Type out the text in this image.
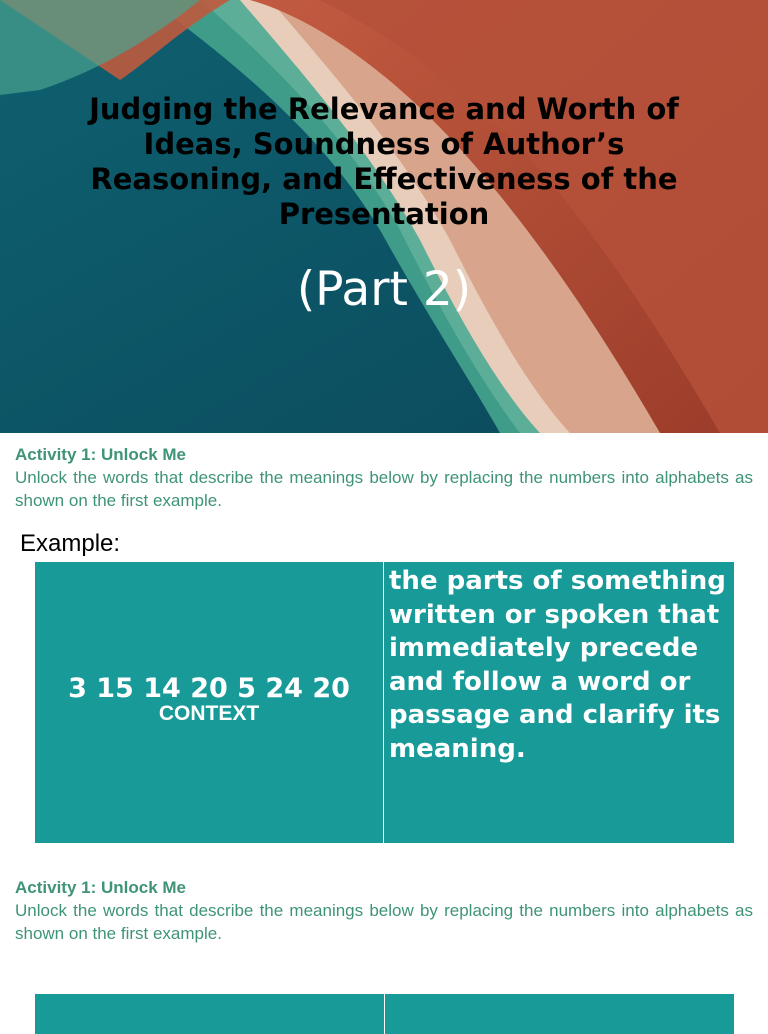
Judging the Relevance and Worth of Ideas, Soundness of Author’s Reasoning, and Effectiveness of the Presentation
(Part 2)
Activity 1: Unlock Me
Unlock the words that describe the meanings below by replacing the numbers into alphabets as shown on the first example.
Example:
3 15 14 20 5 24 20
CONTEXT
the parts of something written or spoken that immediately precede and follow a word or passage and clarify its meaning.
Activity 1: Unlock Me
Unlock the words that describe the meanings below by replacing the numbers into alphabets as shown on the first example.
